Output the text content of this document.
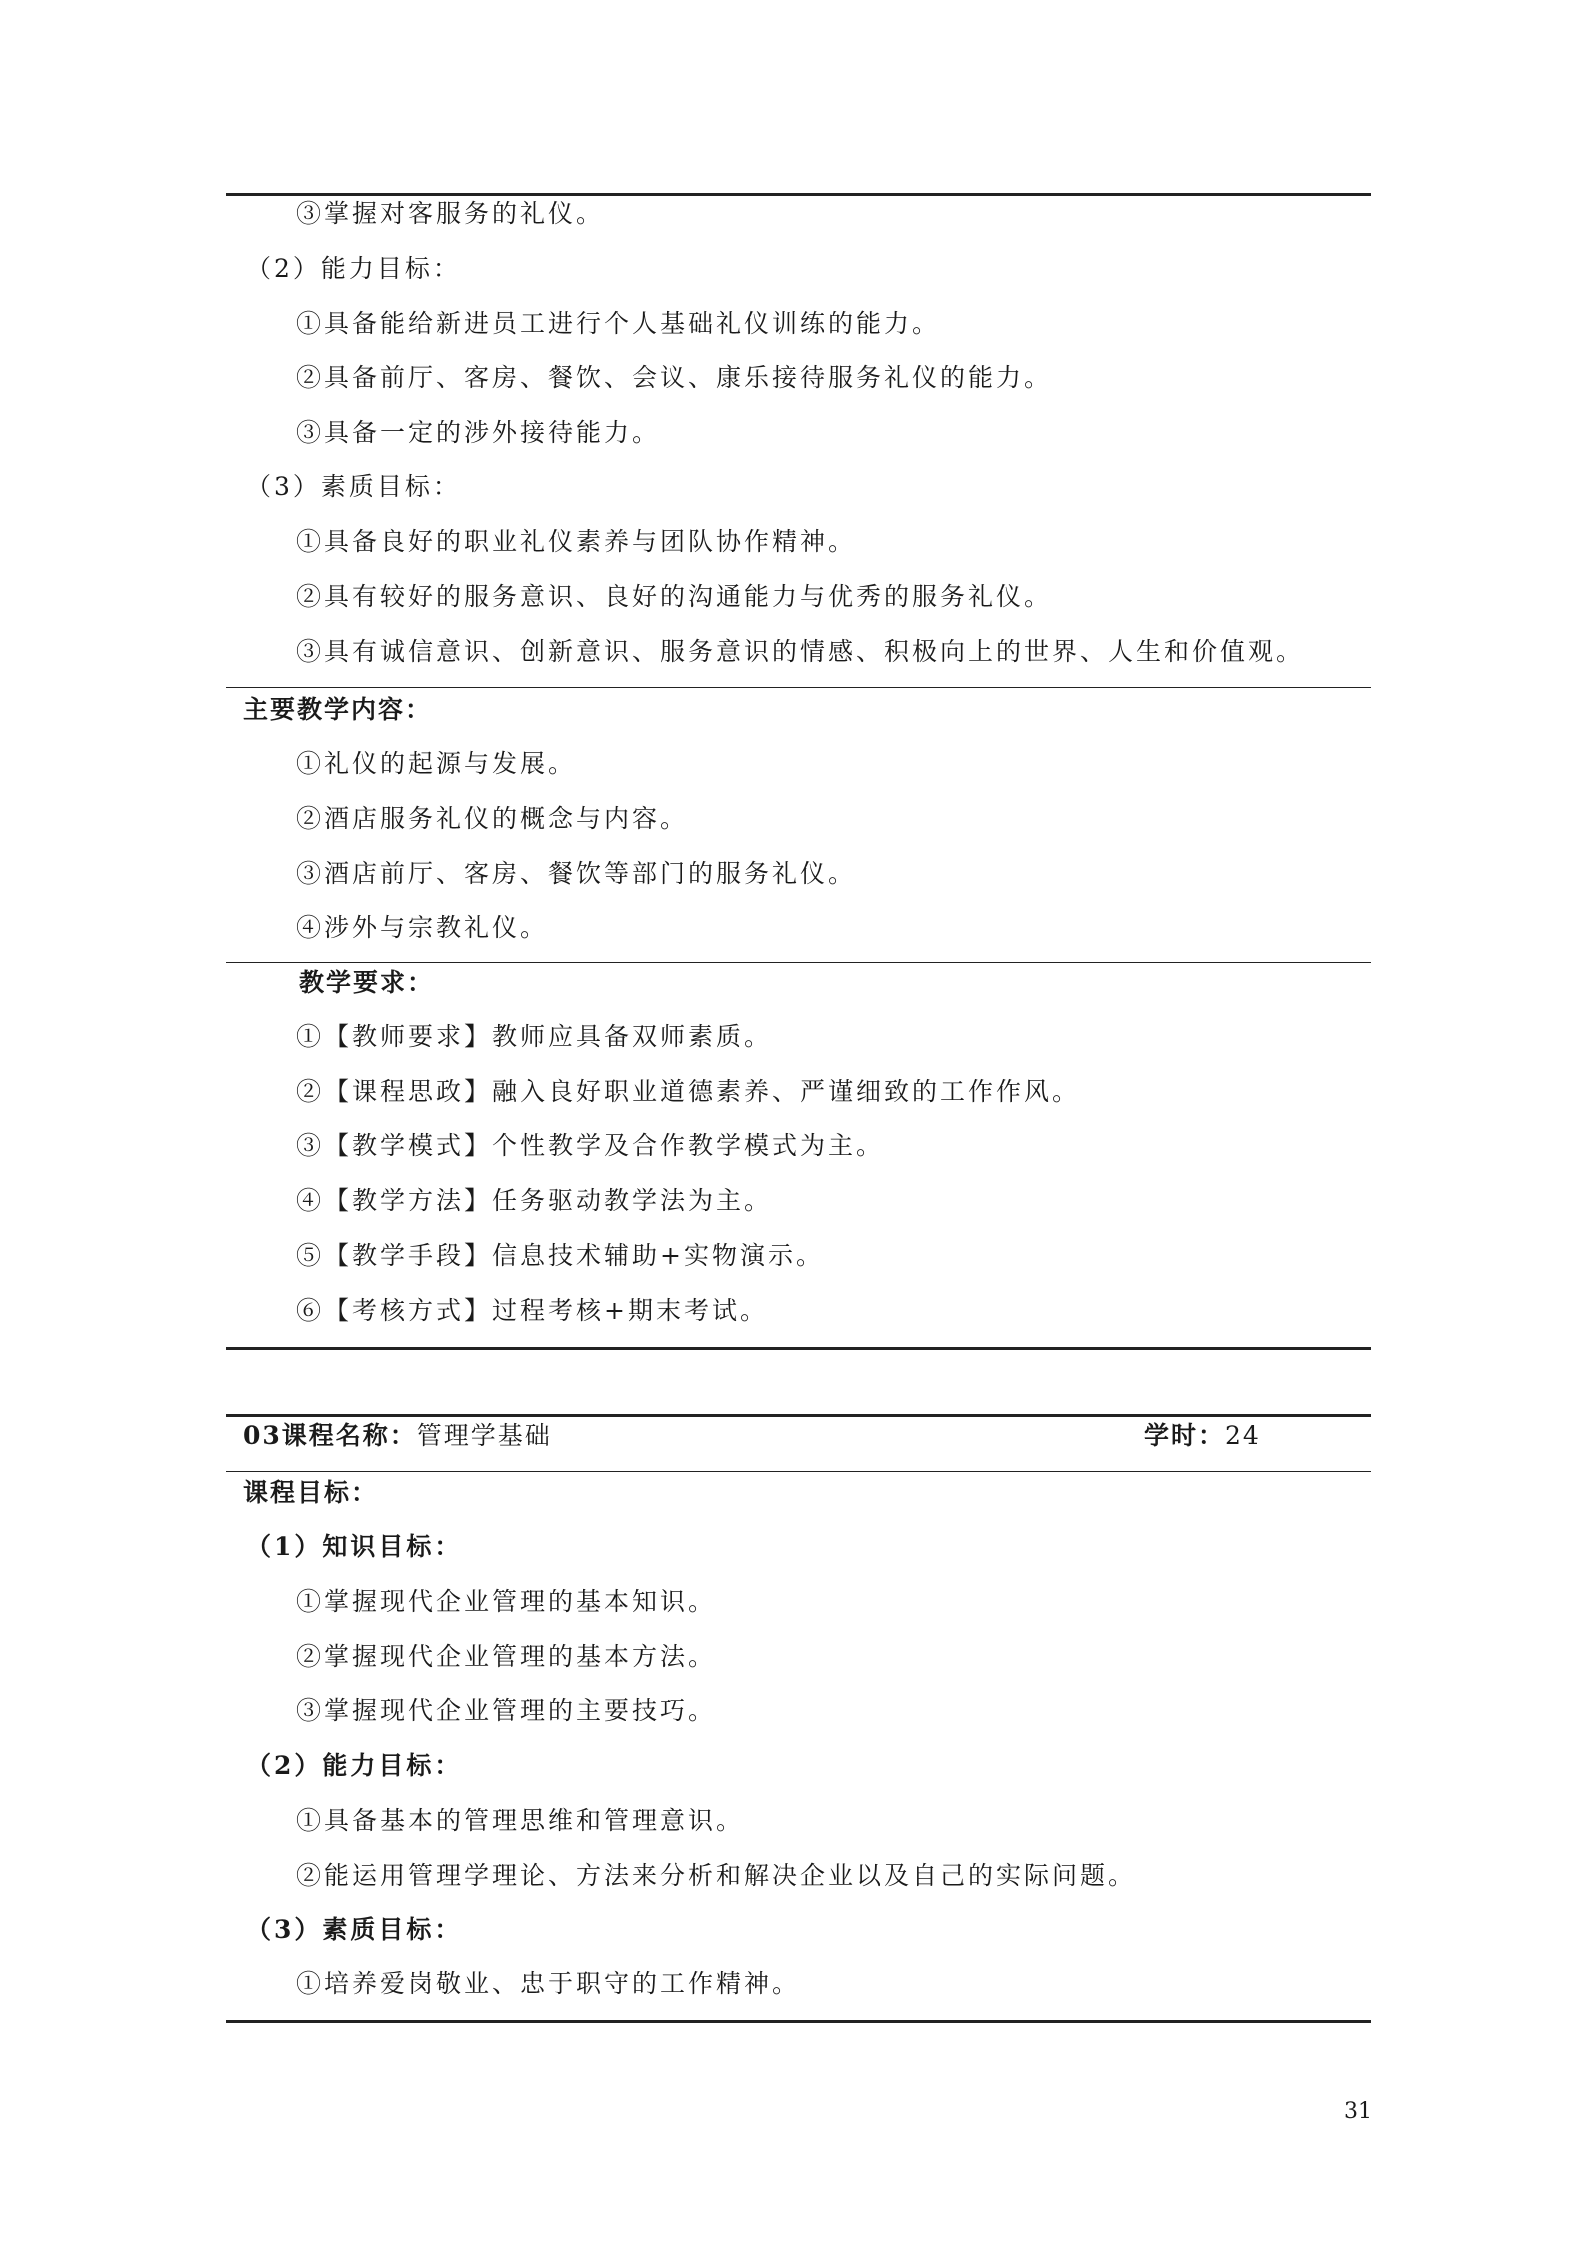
③掌握对客服务的礼仪。
（2）能力目标：
①具备能给新进员工进行个人基础礼仪训练的能力。
②具备前厅、客房、餐饮、会议、康乐接待服务礼仪的能力。
③具备一定的涉外接待能力。
（3）素质目标：
①具备良好的职业礼仪素养与团队协作精神。
②具有较好的服务意识、良好的沟通能力与优秀的服务礼仪。
③具有诚信意识、创新意识、服务意识的情感、积极向上的世界、人生和价值观。
主要教学内容：
①礼仪的起源与发展。
②酒店服务礼仪的概念与内容。
③酒店前厅、客房、餐饮等部门的服务礼仪。
④涉外与宗教礼仪。
教学要求：
①【教师要求】教师应具备双师素质。
②【课程思政】融入良好职业道德素养、严谨细致的工作作风。
③【教学模式】个性教学及合作教学模式为主。
④【教学方法】任务驱动教学法为主。
⑤【教学手段】信息技术辅助+实物演示。
⑥【考核方式】过程考核+期末考试。
03课程名称：管理学基础	学时：24
课程目标：
（1）知识目标：
①掌握现代企业管理的基本知识。
②掌握现代企业管理的基本方法。
③掌握现代企业管理的主要技巧。
（2）能力目标：
①具备基本的管理思维和管理意识。
②能运用管理学理论、方法来分析和解决企业以及自己的实际问题。
（3）素质目标：
①培养爱岗敬业、忠于职守的工作精神。
31
